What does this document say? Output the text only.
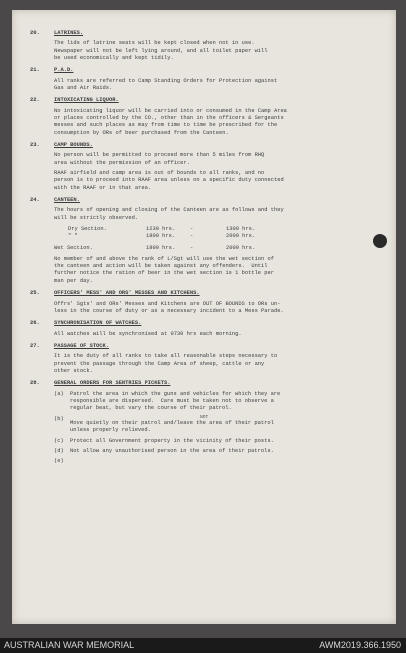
20.	LATRINES.

The lids of latrine seats will be kept closed when not in use.
Newspaper will not be left lying around, and all toilet paper will
be used economically and kept tidily.

21.	P.A.D.

All ranks are referred to Camp Standing Orders for Protection against
Gas and Air Raids.

22.	INTOXICATING LIQUOR.

No intoxicating liquor will be carried into or consumed in the Camp Area
or places controlled by the CO., other than in the officers & Sergeants
messes and such places as may from time to time be prescribed for the
consumption by ORs of beer purchased from the Canteen.

23.	CAMP BOUNDS.

No person will be permitted to proceed more than 5 miles from RHQ
area without the permission of an officer.

RAAF airfield and camp area is out of bounds to all ranks, and no
person is to proceed into RAAF area unless on a specific duty connected
with the RAAF or in that area.

24.	CANTEEN.

The hours of opening and closing of the Canteen are as follows and they
will be strictly observed.

Dry Section.	1230 hrs.	-	1300 hrs.
" "	1800 hrs.	-	2000 hrs.
Wet Section.	1800 hrs.	-	2000 hrs.

No member of and above the rank of L/Sgt will use the wet section of
the canteen and action will be taken against any offenders.  Until
further notice the ration of beer in the wet section is 1 bottle per
man per day.

25.	OFFICERS' MESS' AND ORS' MESSES AND KITCHENS.

Offrs' Sgts' and ORs' Messes and Kitchens are OUT OF BOUNDS to ORs un-
less in the course of duty or as a necessary incident to a Mess Parade.

26.	SYNCHRONISATION OF WATCHES.

All watches will be synchronised at 0730 hrs each morning.

27.	PASSAGE OF STOCK.

It is the duty of all ranks to take all reasonable steps necessary to
prevent the passage through the Camp Area of sheep, cattle or any
other stock.

28.	GENERAL ORDERS FOR SENTRIES PICKETS.
(a)	Patrol the area in which the guns and vehicles for which they are
responsible are dispersed.  Care must be taken not to observe a
regular beat, but vary the course of their patrol.

(b)	NOT

Move quietly on their patrol and/leave the area of their patrol
unless properly relieved.

(c)	Protect all Government property in the vicinity of their posts.

(d)	Not allow any unauthorised person in the area of their patrols.

(e)

AUSTRALIAN WAR MEMORIAL	AWM2019.366.1950
